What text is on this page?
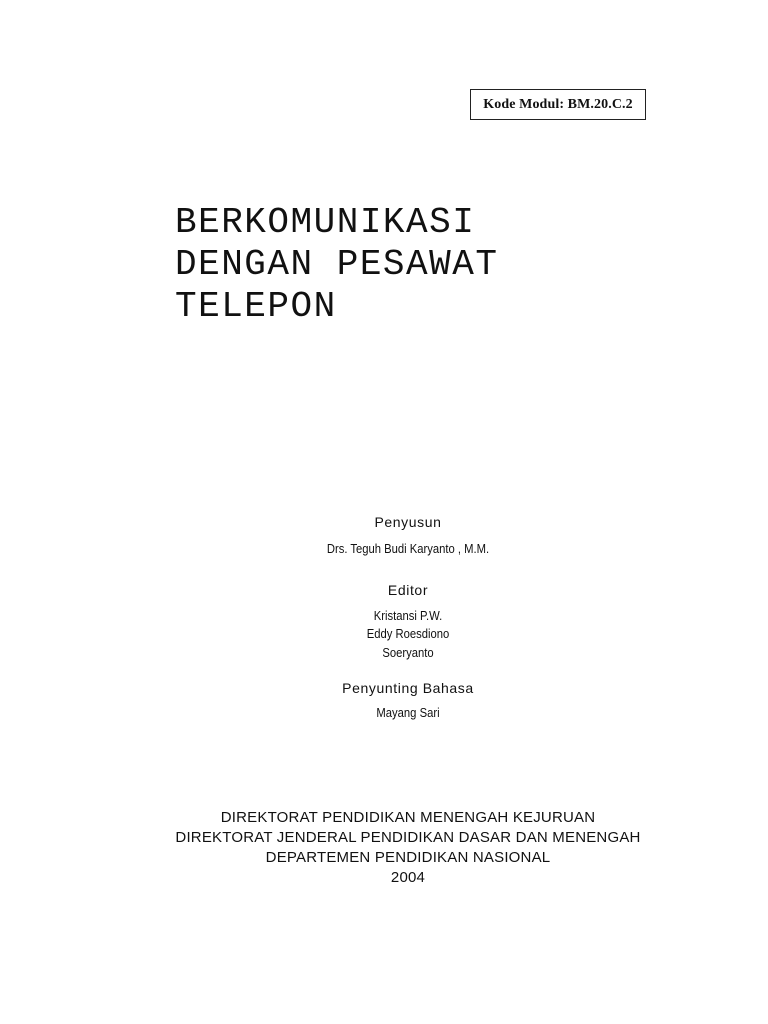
Kode Modul: BM.20.C.2
BERKOMUNIKASI
DENGAN PESAWAT
TELEPON
Penyusun
Drs. Teguh Budi Karyanto , M.M.
Editor
Kristansi P.W.
Eddy Roesdiono
Soeryanto
Penyunting Bahasa
Mayang Sari
DIREKTORAT PENDIDIKAN MENENGAH KEJURUAN
DIREKTORAT JENDERAL PENDIDIKAN DASAR DAN MENENGAH
DEPARTEMEN PENDIDIKAN NASIONAL
2004
